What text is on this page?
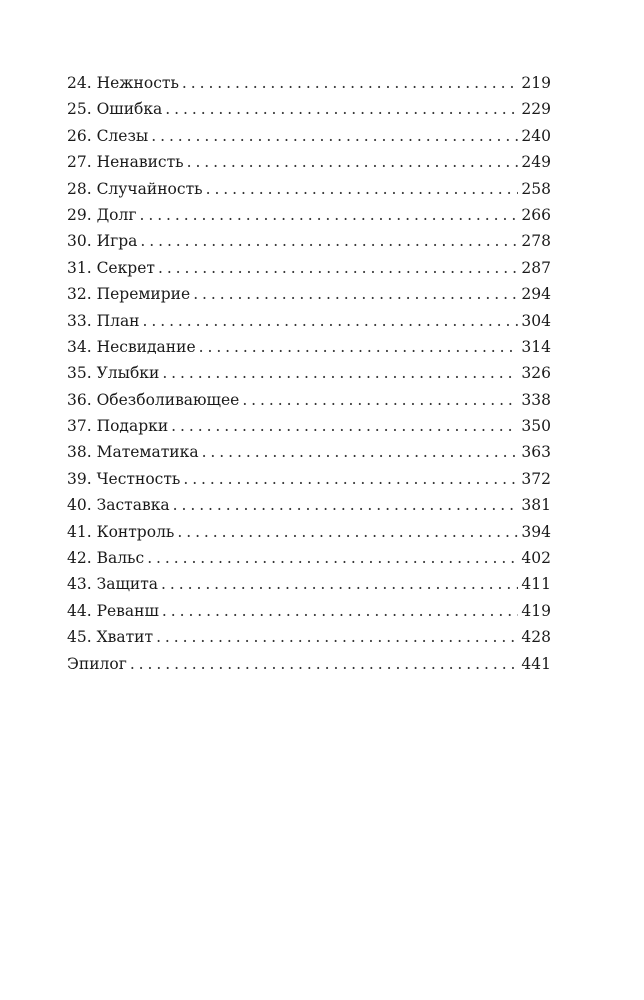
24. Нежность . . .	219
25. Ошибка . . .	229
26. Слезы . . .	240
27. Ненависть . . .	249
28. Случайность . . .	258
29. Долг . . .	266
30. Игра . . .	278
31. Секрет . . .	287
32. Перемирие . . .	294
33. План . . .	304
34. Несвидание . . .	314
35. Улыбки . . .	326
36. Обезболивающее . . .	338
37. Подарки . . .	350
38. Математика . . .	363
39. Честность . . .	372
40. Заставка . . .	381
41. Контроль . . .	394
42. Вальс . . .	402
43. Защита . . .	411
44. Реванш . . .	419
45. Хватит . . .	428
Эпилог . . .	441
